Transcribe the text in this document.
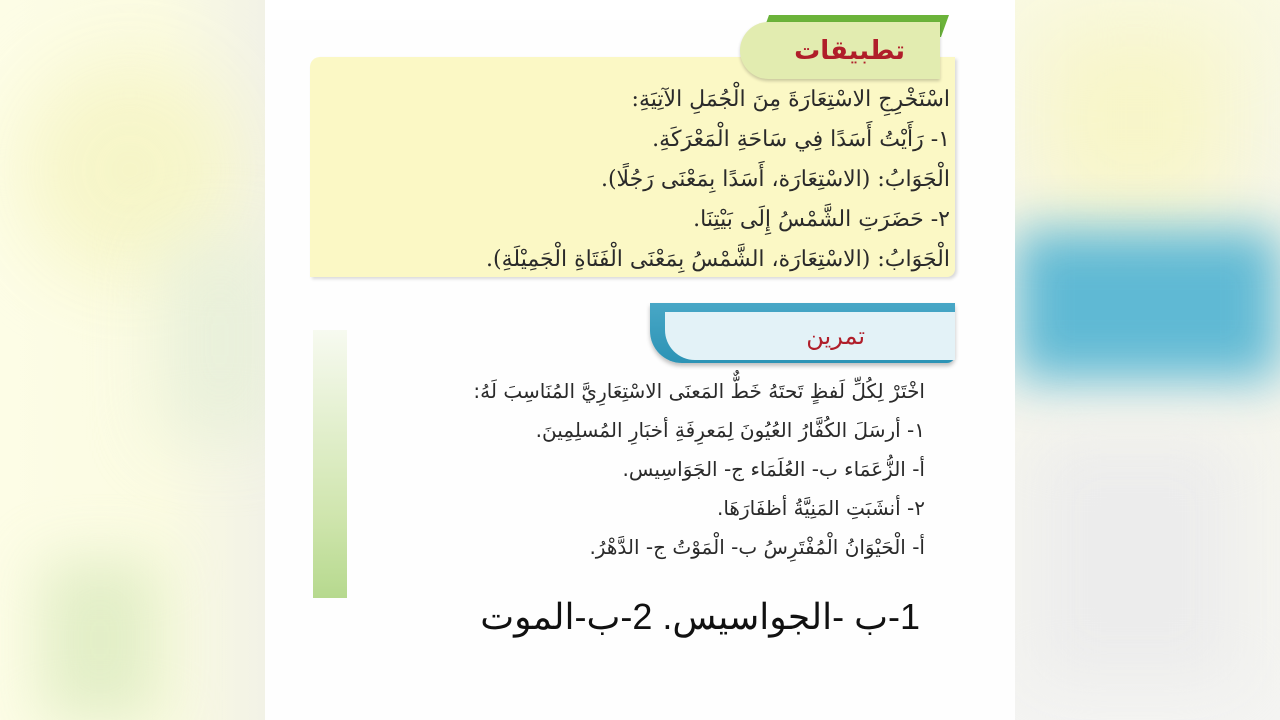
تطبيقات
اسْتَخْرِجِ الاسْتِعَارَةَ مِنَ الْجُمَلِ الآتِيَةِ:
١- رَأَيْتُ أَسَدًا فِي سَاحَةِ الْمَعْرَكَةِ.
الْجَوَابُ: (الاسْتِعَارَة، أَسَدًا بِمَعْنَى رَجُلًا).
٢- حَضَرَتِ الشَّمْسُ إِلَى بَيْتِنَا.
الْجَوَابُ: (الاسْتِعَارَة، الشَّمْسُ بِمَعْنَى الْفَتَاةِ الْجَمِيْلَةِ).
تمرين
اخْتَرْ لِكُلِّ لَفظٍ تَحتَهُ خَطٌّ المَعنَى الاسْتِعَارِيَّ المُنَاسِبَ لَهُ:
١- أرسَلَ الكُفَّارُ العُيُونَ لِمَعرِفَةِ أخبَارِ المُسلِمِينَ.
أ- الزُّعَمَاء ب- العُلَمَاء ج- الجَوَاسِيس.
٢- أنشَبَتِ المَنِيَّةُ أظفَارَهَا.
أ- الْحَيْوَانُ الْمُفْتَرِسُ ب- الْمَوْتُ ج- الدَّهْرُ.
1-ب -الجواسيس. 2-ب-الموت
